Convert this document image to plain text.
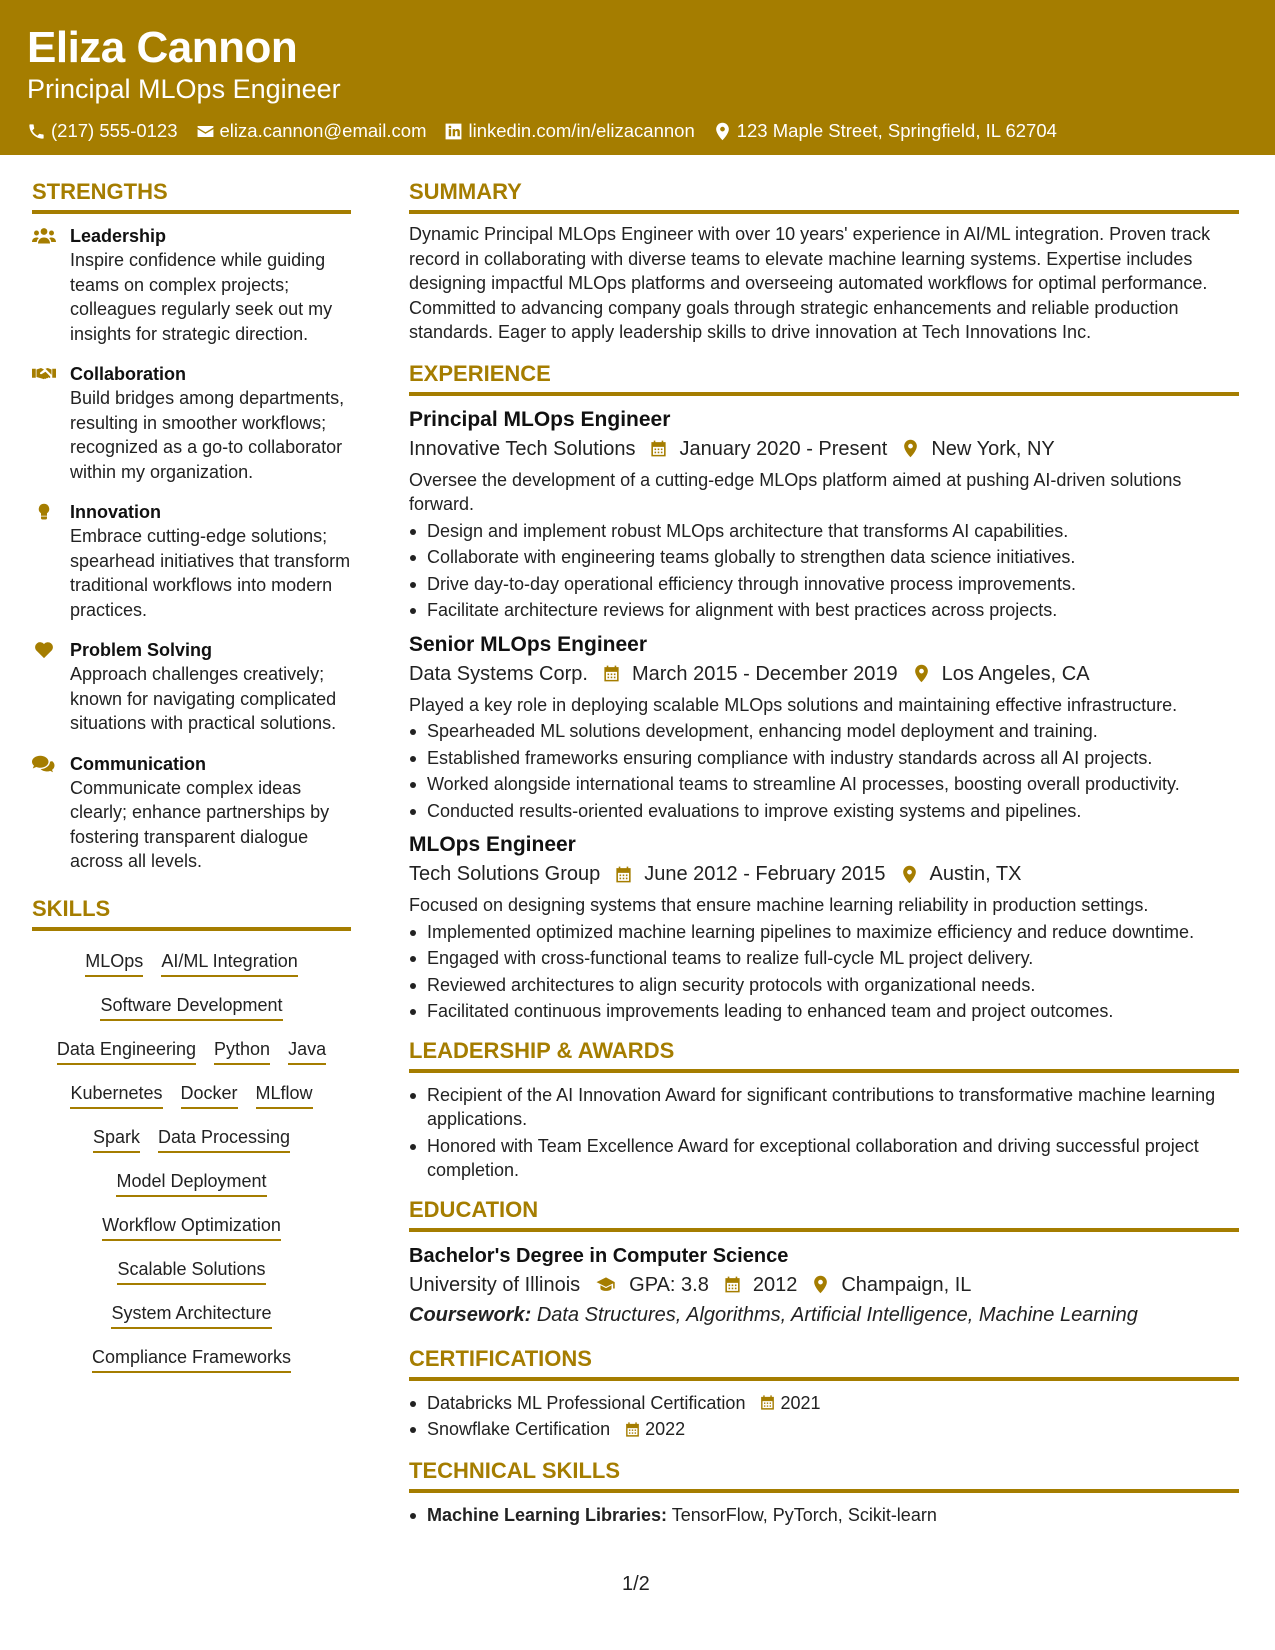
Eliza Cannon
Principal MLOps Engineer
(217) 555-0123 eliza.cannon@email.com linkedin.com/in/elizacannon 123 Maple Street, Springfield, IL 62704
STRENGTHS
Leadership
Inspire confidence while guiding teams on complex projects; colleagues regularly seek out my insights for strategic direction.
Collaboration
Build bridges among departments, resulting in smoother workflows; recognized as a go-to collaborator within my organization.
Innovation
Embrace cutting-edge solutions; spearhead initiatives that transform traditional workflows into modern practices.
Problem Solving
Approach challenges creatively; known for navigating complicated situations with practical solutions.
Communication
Communicate complex ideas clearly; enhance partnerships by fostering transparent dialogue across all levels.
SKILLS
MLOps AI/ML Integration
Software Development
Data Engineering Python Java
Kubernetes Docker MLflow
Spark Data Processing
Model Deployment
Workflow Optimization
Scalable Solutions
System Architecture
Compliance Frameworks
SUMMARY
Dynamic Principal MLOps Engineer with over 10 years' experience in AI/ML integration. Proven track record in collaborating with diverse teams to elevate machine learning systems. Expertise includes designing impactful MLOps platforms and overseeing automated workflows for optimal performance. Committed to advancing company goals through strategic enhancements and reliable production standards. Eager to apply leadership skills to drive innovation at Tech Innovations Inc.
EXPERIENCE
Principal MLOps Engineer
Innovative Tech Solutions January 2020 - Present New York, NY
Oversee the development of a cutting-edge MLOps platform aimed at pushing AI-driven solutions forward.
Design and implement robust MLOps architecture that transforms AI capabilities.
Collaborate with engineering teams globally to strengthen data science initiatives.
Drive day-to-day operational efficiency through innovative process improvements.
Facilitate architecture reviews for alignment with best practices across projects.
Senior MLOps Engineer
Data Systems Corp. March 2015 - December 2019 Los Angeles, CA
Played a key role in deploying scalable MLOps solutions and maintaining effective infrastructure.
Spearheaded ML solutions development, enhancing model deployment and training.
Established frameworks ensuring compliance with industry standards across all AI projects.
Worked alongside international teams to streamline AI processes, boosting overall productivity.
Conducted results-oriented evaluations to improve existing systems and pipelines.
MLOps Engineer
Tech Solutions Group June 2012 - February 2015 Austin, TX
Focused on designing systems that ensure machine learning reliability in production settings.
Implemented optimized machine learning pipelines to maximize efficiency and reduce downtime.
Engaged with cross-functional teams to realize full-cycle ML project delivery.
Reviewed architectures to align security protocols with organizational needs.
Facilitated continuous improvements leading to enhanced team and project outcomes.
LEADERSHIP & AWARDS
Recipient of the AI Innovation Award for significant contributions to transformative machine learning applications.
Honored with Team Excellence Award for exceptional collaboration and driving successful project completion.
EDUCATION
Bachelor's Degree in Computer Science
University of Illinois GPA: 3.8 2012 Champaign, IL
Coursework: Data Structures, Algorithms, Artificial Intelligence, Machine Learning
CERTIFICATIONS
Databricks ML Professional Certification 2021
Snowflake Certification 2022
TECHNICAL SKILLS
Machine Learning Libraries: TensorFlow, PyTorch, Scikit-learn
1/2
